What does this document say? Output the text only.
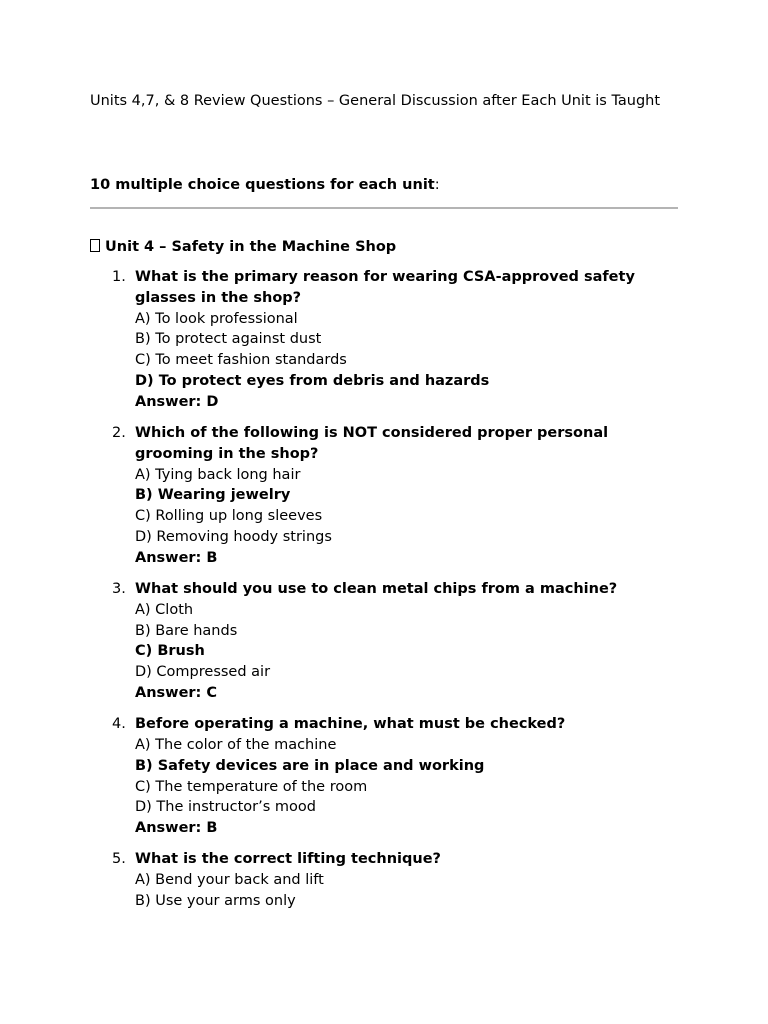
Units 4,7, & 8 Review Questions – General Discussion after Each Unit is Taught
10 multiple choice questions for each unit:
Unit 4 – Safety in the Machine Shop
1. What is the primary reason for wearing CSA-approved safety glasses in the shop?
A) To look professional
B) To protect against dust
C) To meet fashion standards
D) To protect eyes from debris and hazards
Answer: D
2. Which of the following is NOT considered proper personal grooming in the shop?
A) Tying back long hair
B) Wearing jewelry
C) Rolling up long sleeves
D) Removing hoody strings
Answer: B
3. What should you use to clean metal chips from a machine?
A) Cloth
B) Bare hands
C) Brush
D) Compressed air
Answer: C
4. Before operating a machine, what must be checked?
A) The color of the machine
B) Safety devices are in place and working
C) The temperature of the room
D) The instructor’s mood
Answer: B
5. What is the correct lifting technique?
A) Bend your back and lift
B) Use your arms only
